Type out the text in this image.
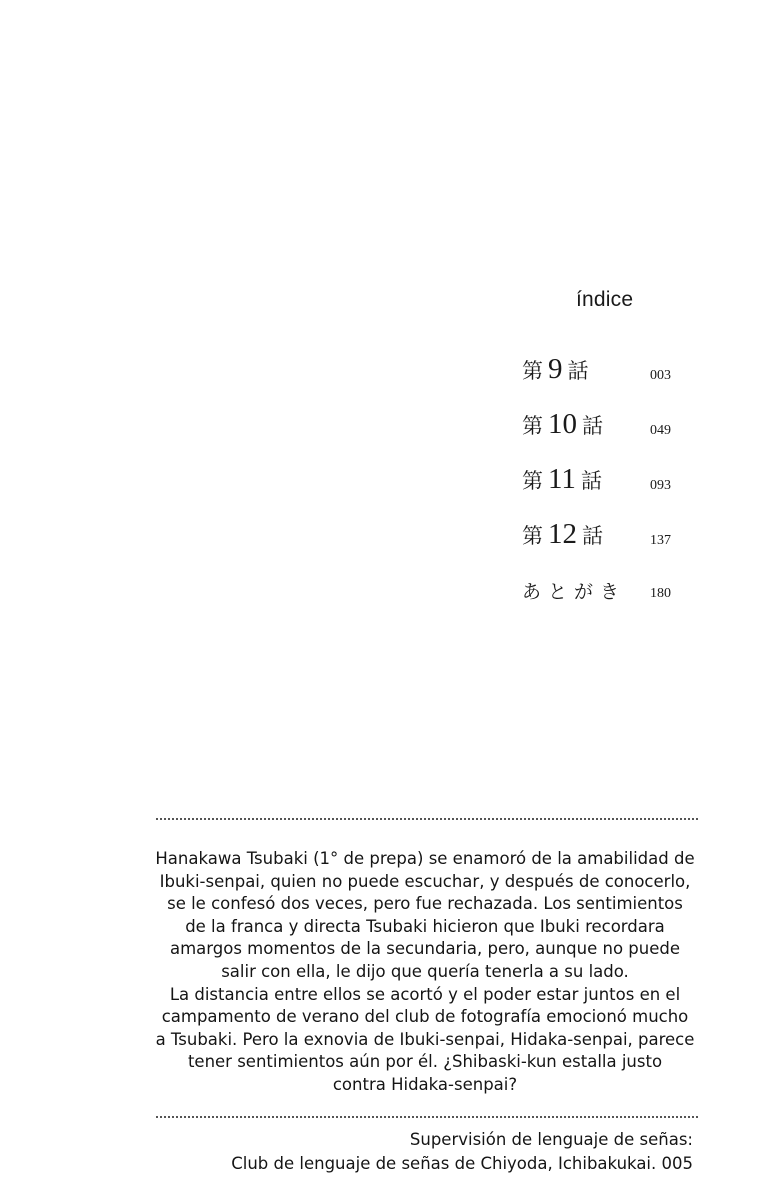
índice
第 9 話	003
第 10 話	049
第 11 話	093
第 12 話	137
あとがき 180

Hanakawa Tsubaki (1° de prepa) se enamoró de la amabilidad de
Ibuki-senpai, quien no puede escuchar, y después de conocerlo,
se le confesó dos veces, pero fue rechazada. Los sentimientos
de la franca y directa Tsubaki hicieron que Ibuki recordara
amargos momentos de la secundaria, pero, aunque no puede
salir con ella, le dijo que quería tenerla a su lado.
La distancia entre ellos se acortó y el poder estar juntos en el
campamento de verano del club de fotografía emocionó mucho
a Tsubaki. Pero la exnovia de Ibuki-senpai, Hidaka-senpai, parece
tener sentimientos aún por él. ¿Shibaski-kun estalla justo
contra Hidaka-senpai?

Supervisión de lenguaje de señas:
Club de lenguaje de señas de Chiyoda, Ichibakukai. 005
